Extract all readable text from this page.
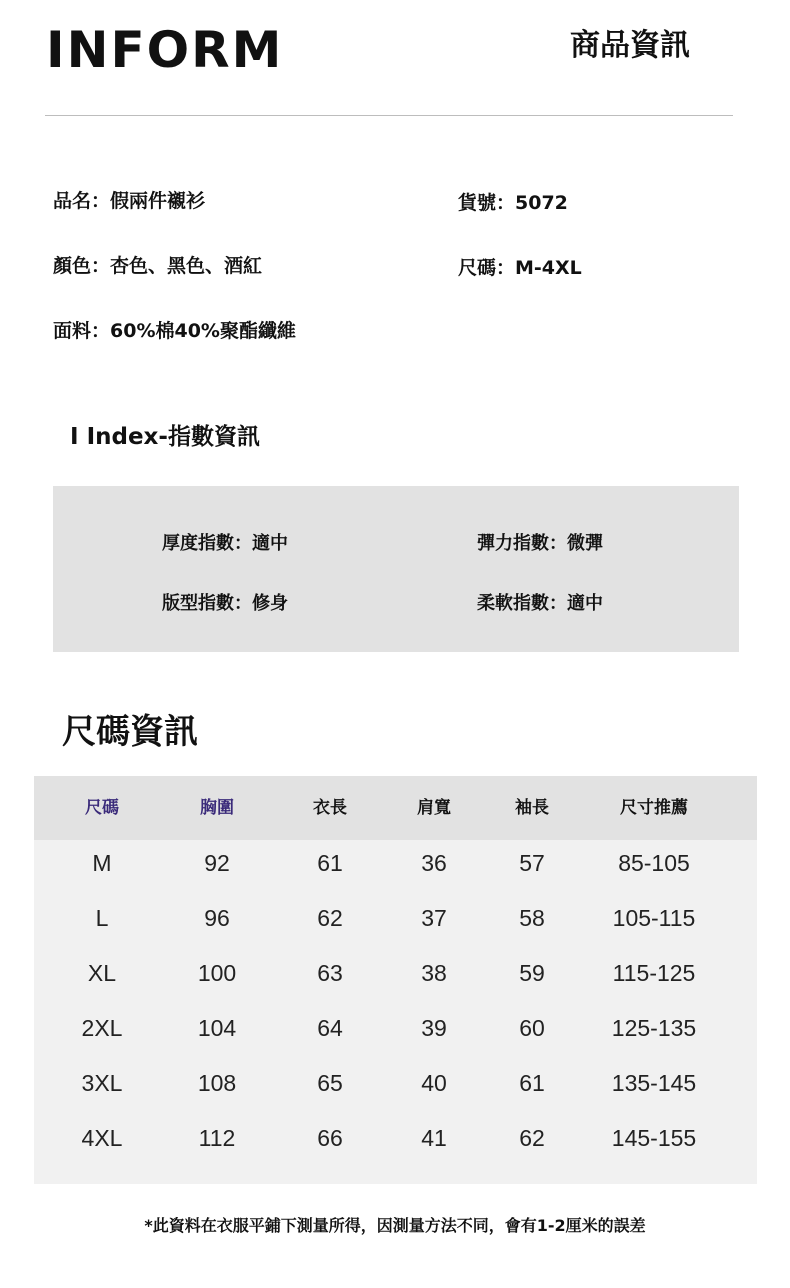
INFORM	商品資訊
品名：假兩件襯衫	貨號：5072
顏色：杏色、黑色、酒紅	尺碼：M-4XL
面料：60%棉40%聚酯纖維
I Index-指數資訊
厚度指數：適中	彈力指數：微彈
版型指數：修身	柔軟指數：適中
尺碼資訊
尺碼	胸圍	衣長	肩寬	袖長	尺寸推薦
M	92	61	36	57	85-105
L	96	62	37	58	105-115
XL	100	63	38	59	115-125
2XL	104	64	39	60	125-135
3XL	108	65	40	61	135-145
4XL	112	66	41	62	145-155
*此資料在衣服平鋪下測量所得，因測量方法不同，會有1-2厘米的誤差
